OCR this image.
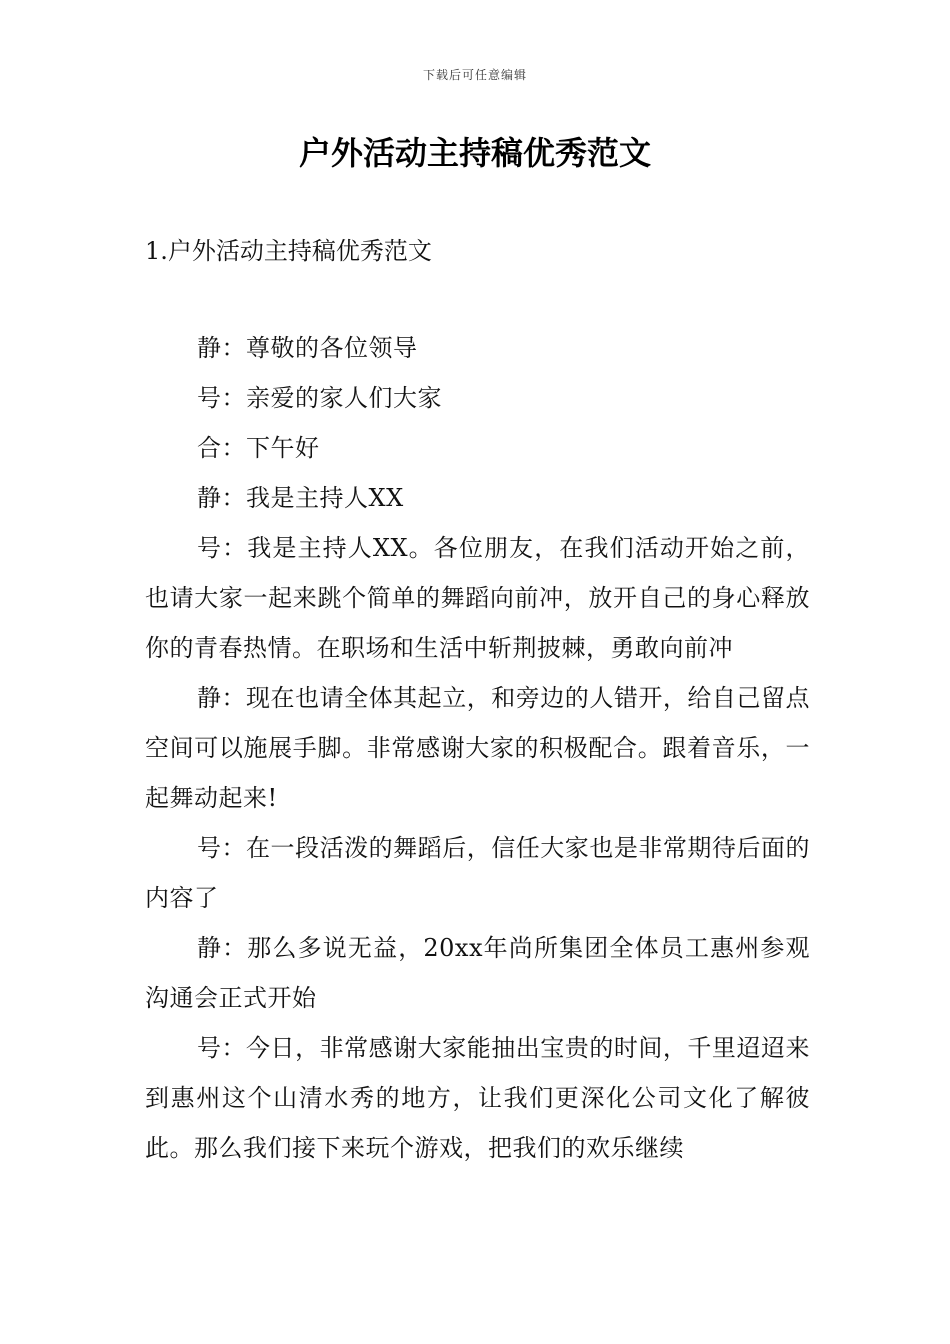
下载后可任意编辑
户外活动主持稿优秀范文
1.户外活动主持稿优秀范文

静：尊敬的各位领导

号：亲爱的家人们大家

合：下午好

静：我是主持人XX

号：我是主持人XX。各位朋友，在我们活动开始之前，也请大家一起来跳个简单的舞蹈向前冲，放开自己的身心释放你的青春热情。在职场和生活中斩荆披棘，勇敢向前冲

静：现在也请全体其起立，和旁边的人错开，给自己留点空间可以施展手脚。非常感谢大家的积极配合。跟着音乐，一起舞动起来!

号：在一段活泼的舞蹈后，信任大家也是非常期待后面的内容了

静：那么多说无益，20xx年尚所集团全体员工惠州参观沟通会正式开始

号：今日，非常感谢大家能抽出宝贵的时间，千里迢迢来到惠州这个山清水秀的地方，让我们更深化公司文化了解彼此。那么我们接下来玩个游戏，把我们的欢乐继续
